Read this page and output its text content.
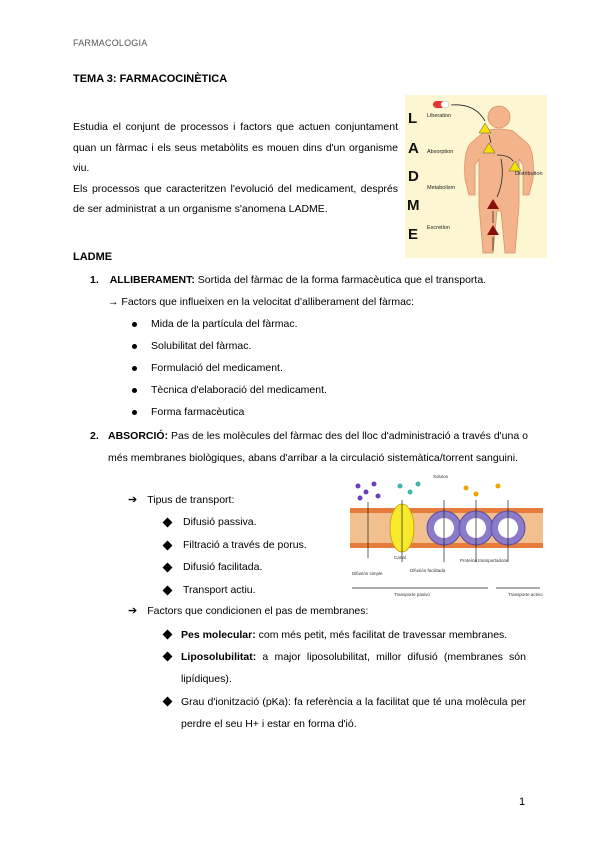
FARMACOLOGIA
TEMA 3: FARMACOCINÈTICA

Estudia el conjunt de processos i factors que actuen conjuntament quan un fàrmac i els seus metabòlits es mouen dins d'un organisme viu.

Els processos que caracteritzen l'evolució del medicament, després de ser administrat a un organisme s'anomena LADME.

Liberation
Absorption
Distribution
Metabolism
Excretion
L
A
D
M
E
LADME
1. ALLIBERAMENT: Sortida del fàrmac de la forma farmacèutica que el transporta.
→ Factors que influeixen en la velocitat d'alliberament del fàrmac:
Mida de la partícula del fàrmac.
Solubilitat del fàrmac.
Formulació del medicament.
Tècnica d'elaboració del medicament.
Forma farmacèutica
2. ABSORCIÓ: Pas de les molècules del fàrmac des del lloc d'administració a través d'una o més membranes biològiques, abans d'arribar a la circulació sistemàtica/torrent sanguini.

➔ Tipus de transport:
Difusió passiva.
Filtració a través de porus.
Difusió facilitada.
Transport actiu.
➔ Factors que condicionen el pas de membranes:

Pes molecular: com més petit, més facilitat de travessar membranes.

Liposolubilitat: a major liposolubilitat, millor difusió (membranes són lipídiques).

Grau d'ionització (pKa): fa referència a la facilitat que té una molècula per perdre el seu H+ i estar en forma d'ió.

Solutos
Difusión simple
Canal
Difusión facilitada
Proteína transportadora
Transporte pasivo	Transporte activo
1
